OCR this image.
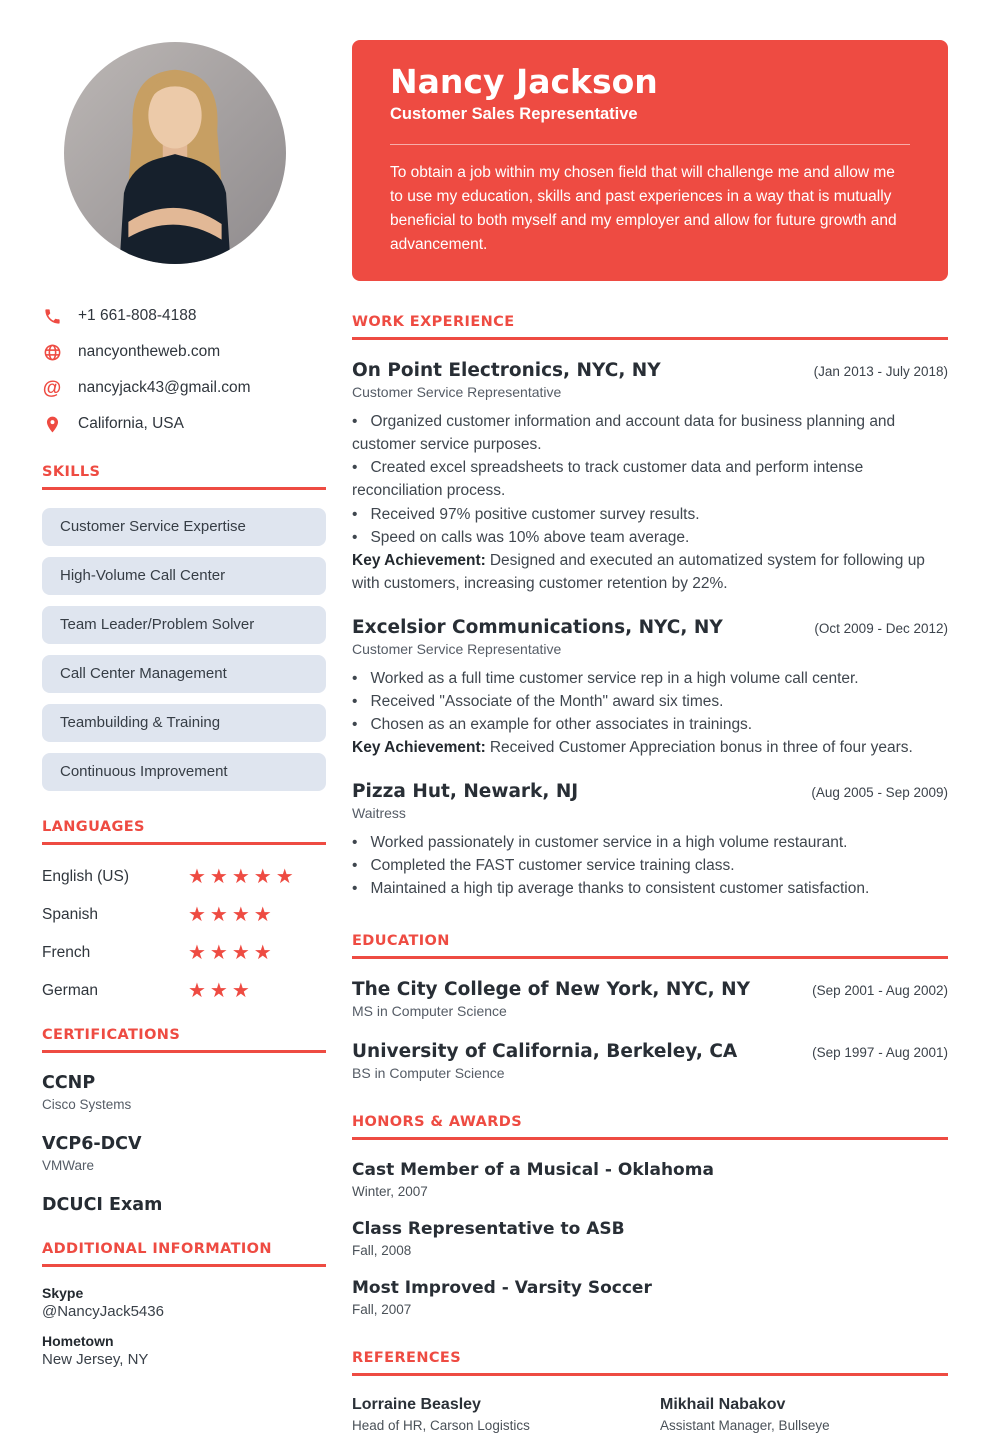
+1 661-808-4188
nancyontheweb.com
@ nancyjack43@gmail.com
California, USA
SKILLS
Customer Service Expertise
High-Volume Call Center
Team Leader/Problem Solver
Call Center Management
Teambuilding & Training
Continuous Improvement
LANGUAGES
English (US)	★★★★★
Spanish	★★★★
French	★★★★
German	★★★
CERTIFICATIONS
CCNP
Cisco Systems
VCP6-DCV
VMWare
DCUCI Exam
ADDITIONAL INFORMATION
Skype
@NancyJack5436
Hometown
New Jersey, NY
Nancy Jackson
Customer Sales Representative

To obtain a job within my chosen field that will challenge me and allow me to use my education, skills and past experiences in a way that is mutually beneficial to both myself and my employer and allow for future growth and advancement.

WORK EXPERIENCE
On Point Electronics, NYC, NY	(Jan 2013 - July 2018)
Customer Service Representative
• Organized customer information and account data for business planning and customer service purposes.
• Created excel spreadsheets to track customer data and perform intense reconciliation process.
• Received 97% positive customer survey results.
• Speed on calls was 10% above team average.

Key Achievement: Designed and executed an automatized system for following up with customers, increasing customer retention by 22%.

Excelsior Communications, NYC, NY	(Oct 2009 - Dec 2012)
Customer Service Representative
• Worked as a full time customer service rep in a high volume call center.
• Received "Associate of the Month" award six times.
• Chosen as an example for other associates in trainings.

Key Achievement: Received Customer Appreciation bonus in three of four years.

Pizza Hut, Newark, NJ	(Aug 2005 - Sep 2009)
Waitress
• Worked passionately in customer service in a high volume restaurant.
• Completed the FAST customer service training class.
• Maintained a high tip average thanks to consistent customer satisfaction.
EDUCATION
The City College of New York, NYC, NY	(Sep 2001 - Aug 2002)
MS in Computer Science
University of California, Berkeley, CA	(Sep 1997 - Aug 2001)
BS in Computer Science
HONORS & AWARDS
Cast Member of a Musical - Oklahoma
Winter, 2007
Class Representative to ASB
Fall, 2008
Most Improved - Varsity Soccer
Fall, 2007
REFERENCES
Lorraine Beasley
Head of HR, Carson Logistics
Mikhail Nabakov
Assistant Manager, Bullseye
